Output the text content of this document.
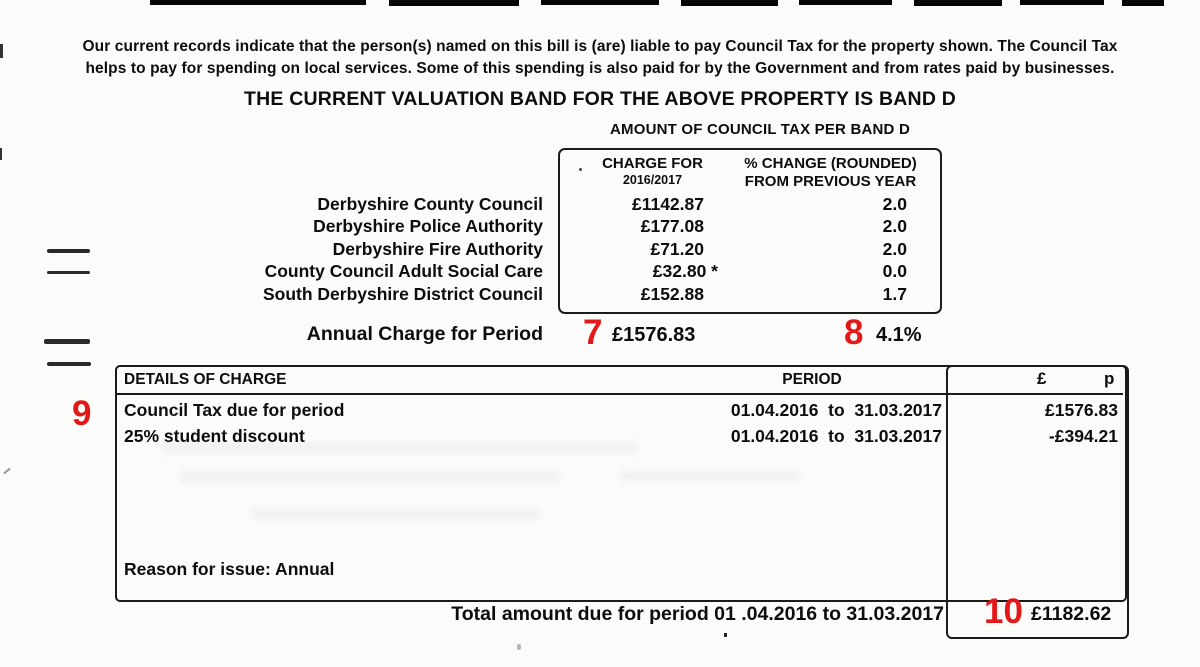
Our current records indicate that the person(s) named on this bill is (are) liable to pay Council Tax for the property shown. The Council Tax
helps to pay for spending on local services. Some of this spending is also paid for by the Government and from rates paid by businesses.
THE CURRENT VALUATION BAND FOR THE ABOVE PROPERTY IS BAND D
AMOUNT OF COUNCIL TAX PER BAND D
CHARGE FOR
2016/2017
% CHANGE (ROUNDED)
FROM PREVIOUS YEAR
Derbyshire County Council	£1142.87	2.0
Derbyshire Police Authority	£177.08	2.0
Derbyshire Fire Authority	£71.20	2.0
County Council Adult Social Care	£32.80 *	0.0
South Derbyshire District Council	£152.88	1.7
Annual Charge for Period 7 £1576.83	8 4.1%
DETAILS OF CHARGE	PERIOD	£	p
9 Council Tax due for period	01.04.2016  to  31.03.2017	£1576.83
25% student discount	01.04.2016  to  31.03.2017	-£394.21
Reason for issue: Annual
Total amount due for period 01 .04.2016 to 31.03.2017 10 £1182.62
